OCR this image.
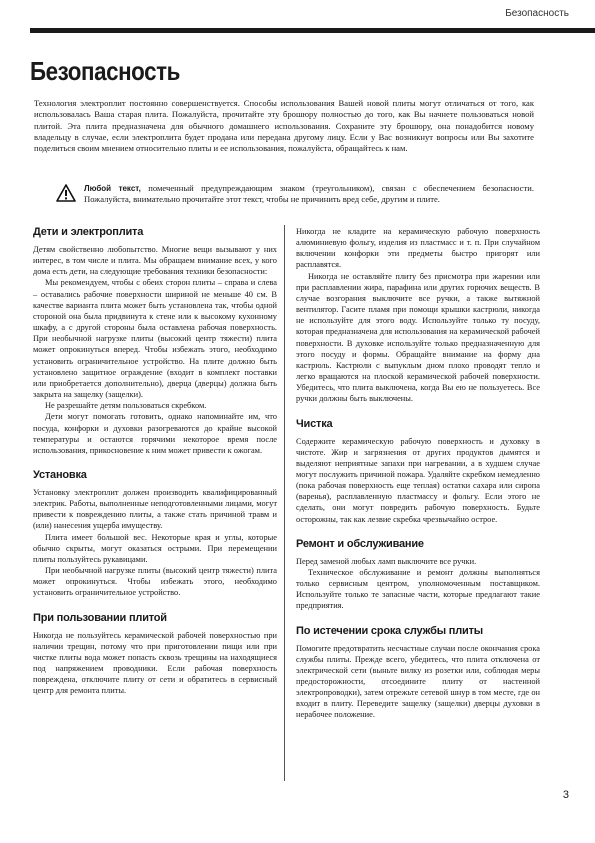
Безопасность
Безопасность

Технология электроплит постоянно совершенствуется. Способы использования Вашей новой плиты могут отличаться от того, как использовалась Ваша старая плита. Пожалуйста, прочитайте эту брошюру полностью до того, как Вы начнете пользоваться новой плитой. Эта плита предназначена для обычного домашнего использования. Сохраните эту брошюру, она понадобится новому владельцу в случае, если электроплита будет продана или передана другому лицу. Если у Вас возникнут вопросы или Вы захотите поделиться своим мнением относительно плиты и ее использования, пожалуйста, обращайтесь к нам.

Любой текст, помеченный предупреждающим знаком (треугольником), связан с обеспечением безопасности. Пожалуйста, внимательно прочитайте этот текст, чтобы не причинить вред себе, другим и плите.

Дети и электроплита

Детям свойственно любопытство. Многие вещи вызывают у них интерес, в том числе и плита. Мы обращаем внимание всех, у кого дома есть дети, на следующие требования техники безопасности:

Мы рекомендуем, чтобы с обеих сторон плиты – справа и слева – оставались рабочие поверхности шириной не меньше 40 см. В качестве варианта плита может быть установлена так, чтобы одной стороной она была придвинута к стене или к высокому кухонному шкафу, а с другой стороны была оставлена рабочая поверхность. При необычной нагрузке плиты (высокий центр тяжести) плита может опрокинуться вперед. Чтобы избежать этого, необходимо установить ограничительное устройство. На плите должно быть установлено защитное ограждение (входит в комплект поставки или приобретается дополнительно), дверца (дверцы) должна быть закрыта на защелку (защелки).

Не разрешайте детям пользоваться скребком.

Дети могут помогать готовить, однако напоминайте им, что посуда, конфорки и духовки разогреваются до крайне высокой температуры и остаются горячими некоторое время после использования, прикосновение к ним может привести к ожогам.

Установка

Установку электроплит должен производить квалифицированный электрик. Работы, выполненные неподготовленными лицами, могут привести к повреждению плиты, а также стать причиной травм и (или) нанесения ущерба имуществу.

Плита имеет большой вес. Некоторые края и углы, которые обычно скрыты, могут оказаться острыми. При перемещении плиты пользуйтесь рукавицами.

При необычной нагрузке плиты (высокий центр тяжести) плита может опрокинуться. Чтобы избежать этого, необходимо установить ограничительное устройство.

При пользовании плитой

Никогда не пользуйтесь керамической рабочей поверхностью при наличии трещин, потому что при приготовлении пищи или при чистке плиты вода может попасть сквозь трещины на находящиеся под напряжением проводники. Если рабочая поверхность повреждена, отключите плиту от сети и обратитесь в сервисный центр для ремонта плиты.

Никогда не кладите на керамическую рабочую поверхность алюминиевую фольгу, изделия из пластмасс и т. п. При случайном включении конфорки эти предметы быстро пригорят или расплавятся.

Никогда не оставляйте плиту без присмотра при жарении или при расплавлении жира, парафина или других горючих веществ. В случае возгорания выключите все ручки, а также вытяжной вентилятор. Гасите пламя при помощи крышки кастрюли, никогда не используйте для этого воду. Используйте только ту посуду, которая предназначена для использования на керамической рабочей поверхности. В духовке используйте только предназначенную для этого посуду и формы. Обращайте внимание на форму дна кастрюль. Кастрюли с выпуклым дном плохо проводят тепло и легко вращаются на плоской керамической рабочей поверхности. Убедитесь, что плита выключена, когда Вы ею не пользуетесь. Все ручки должны быть выключены.

Чистка

Содержите керамическую рабочую поверхность и духовку в чистоте. Жир и загрязнения от других продуктов дымятся и выделяют неприятные запахи при нагревании, а в худшем случае могут послужить причиной пожара. Удаляйте скребком немедленно (пока рабочая поверхность еще теплая) остатки сахара или сиропа (варенья), расплавленную пластмассу и фольгу. Если этого не сделать, они могут повредить рабочую поверхность. Будьте осторожны, так как лезвие скребка чрезвычайно острое.

Ремонт и обслуживание

Перед заменой любых ламп выключите все ручки.

Техническое обслуживание и ремонт должны выполняться только сервисным центром, уполномоченным поставщиком. Используйте только те запасные части, которые предлагают такие предприятия.

По истечении срока службы плиты

Помогите предотвратить несчастные случаи после окончания срока службы плиты. Прежде всего, убедитесь, что плита отключена от электрической сети (выньте вилку из розетки или, соблюдая меры предосторожности, отсоедините плиту от настенной электропроводки), затем отрежьте сетевой шнур в том месте, где он входит в плиту. Переведите защелку (защелки) дверцы духовки в нерабочее положение.

3
